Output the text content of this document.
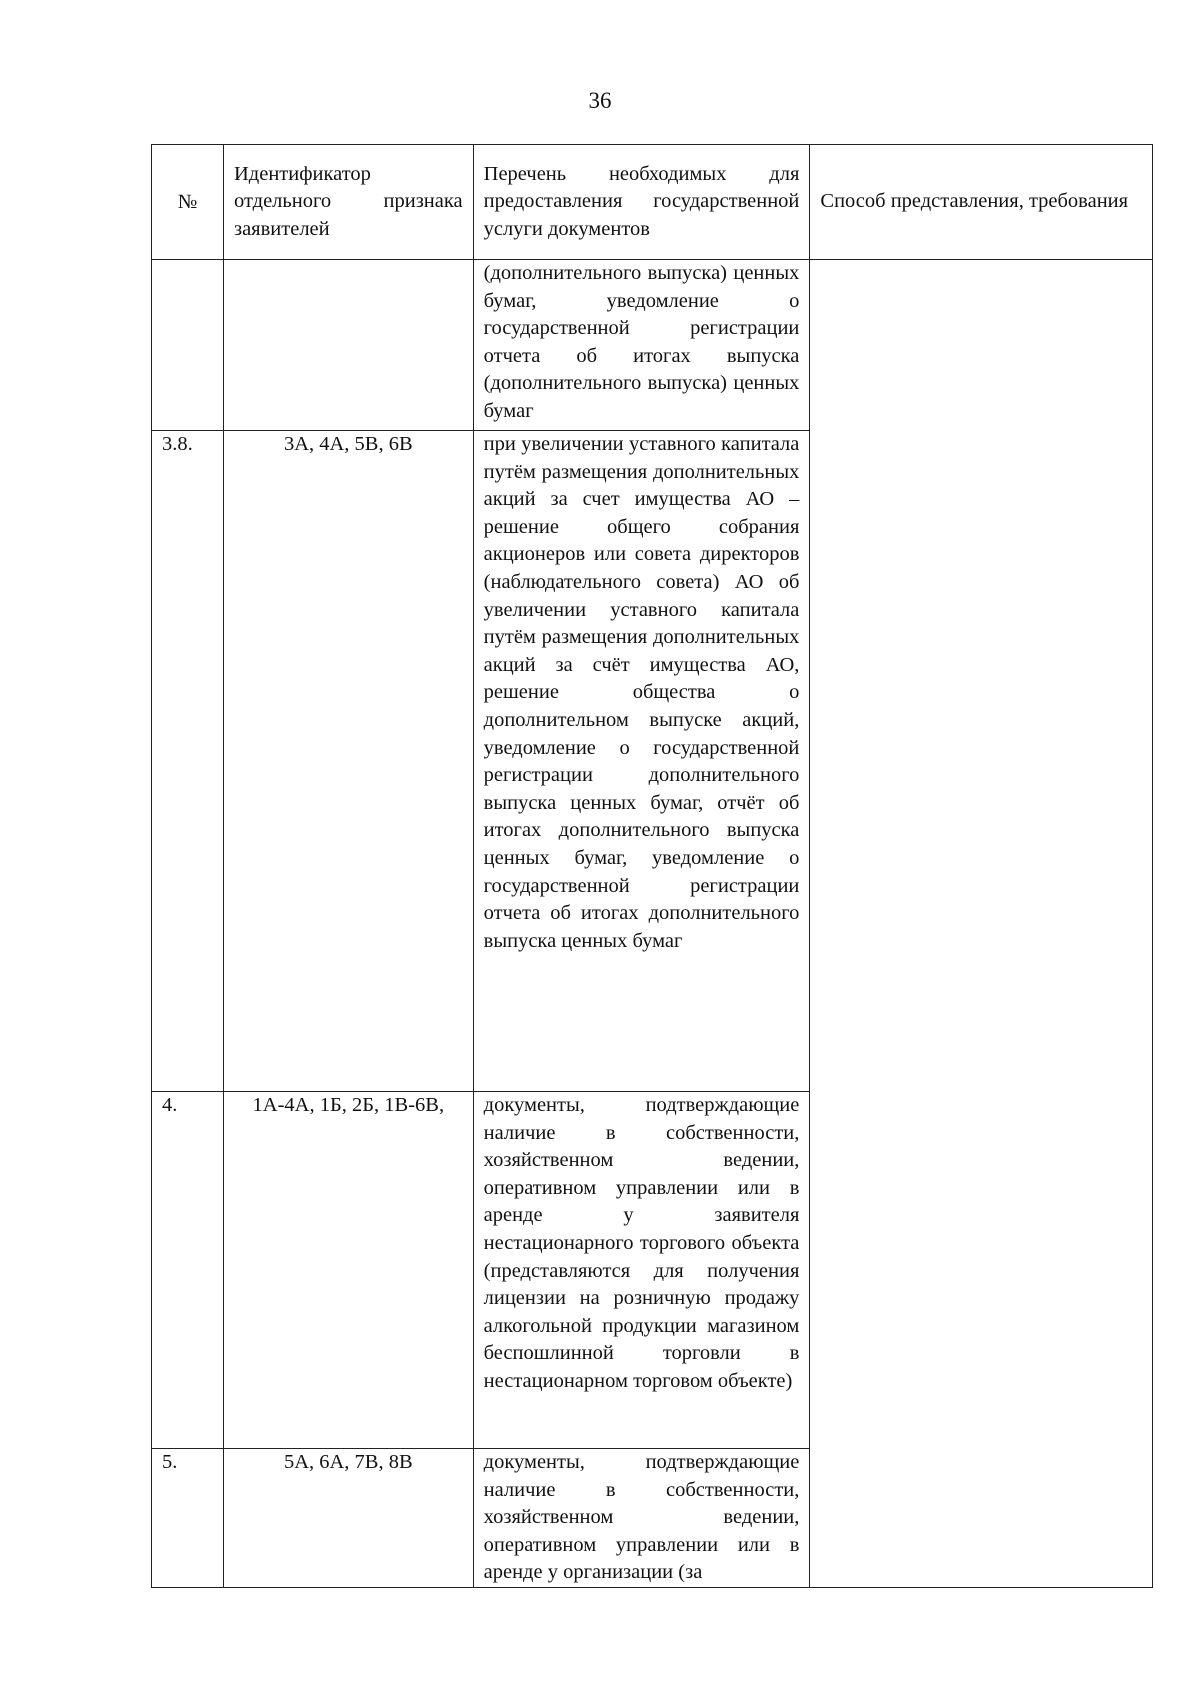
36
№	Идентификатор отдельного признака заявителей	Перечень необходимых для предоставления государственной услуги документов	Способ представления, требования
		(дополнительного выпуска) ценных бумаг, уведомление о государственной регистрации отчета об итогах выпуска (дополнительного выпуска) ценных бумаг	
3.8.	3А, 4А, 5В, 6В	при увеличении уставного капитала путём размещения дополнительных акций за счет имущества АО – решение общего собрания акционеров или совета директоров (наблюдательного совета) АО об увеличении уставного капитала путём размещения дополнительных акций за счёт имущества АО, решение общества о дополнительном выпуске акций, уведомление о государственной регистрации дополнительного выпуска ценных бумаг, отчёт об итогах дополнительного выпуска ценных бумаг, уведомление о государственной регистрации отчета об итогах дополнительного выпуска ценных бумаг	
4.	1А-4А, 1Б, 2Б, 1В-6В,	документы, подтверждающие наличие в собственности, хозяйственном ведении, оперативном управлении или в аренде у заявителя нестационарного торгового объекта (представляются для получения лицензии на розничную продажу алкогольной продукции магазином беспошлинной торговли в нестационарном торговом объекте)	
5.	5А, 6А, 7В, 8В	документы, подтверждающие наличие в собственности, хозяйственном ведении, оперативном управлении или в аренде у организации (за	
